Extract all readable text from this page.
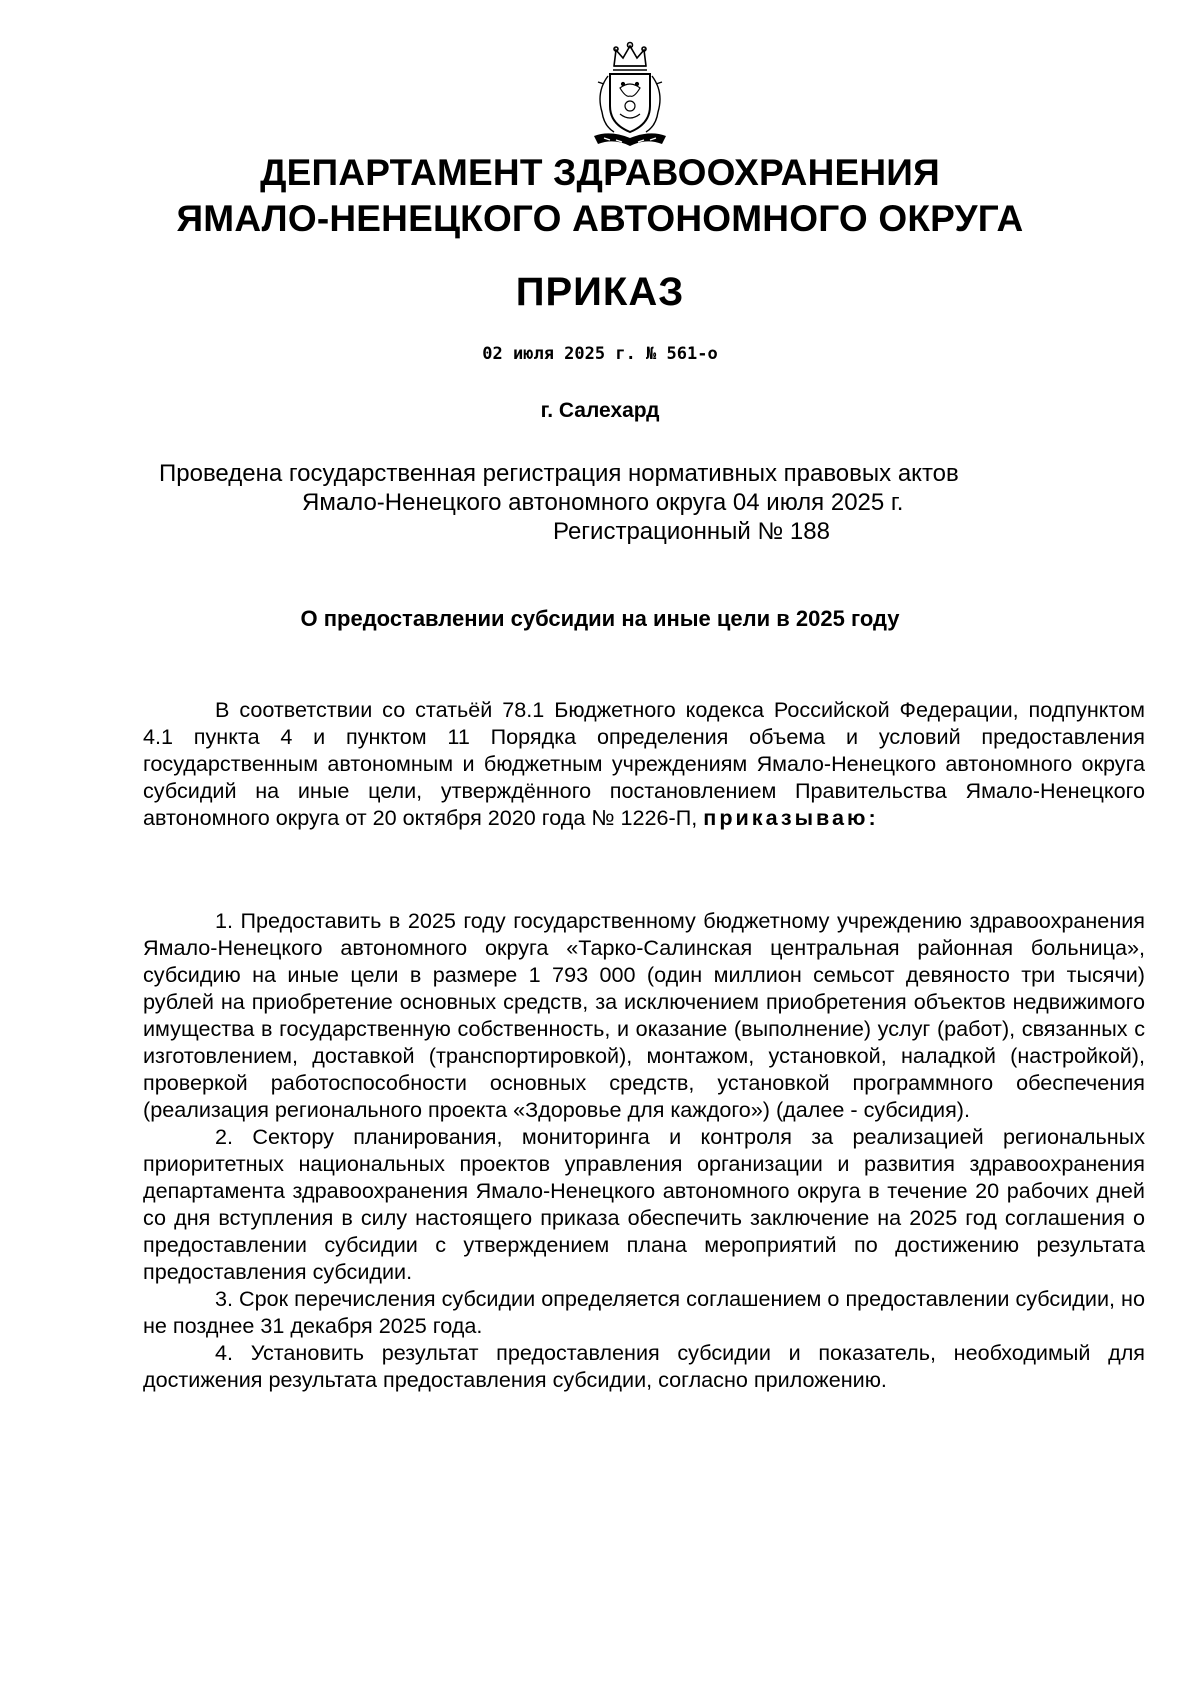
ДЕПАРТАМЕНТ ЗДРАВООХРАНЕНИЯ
ЯМАЛО-НЕНЕЦКОГО АВТОНОМНОГО ОКРУГА
ПРИКАЗ
02 июля 2025 г. № 561-о
г. Салехард
Проведена государственная регистрация нормативных правовых актов
Ямало-Ненецкого автономного округа 04 июля 2025 г.
Регистрационный № 188
О предоставлении субсидии на иные цели в 2025 году

В соответствии со статьёй 78.1 Бюджетного кодекса Российской Федерации, подпунктом 4.1 пункта 4 и пунктом 11 Порядка определения объема и условий предоставления государственным автономным и бюджетным учреждениям Ямало-Ненецкого автономного округа субсидий на иные цели, утверждённого постановлением Правительства Ямало-Ненецкого автономного округа от 20 октября 2020 года № 1226-П, приказываю:

1. Предоставить в 2025 году государственному бюджетному учреждению здравоохранения Ямало-Ненецкого автономного округа «Тарко-Салинская центральная районная больница», субсидию на иные цели в размере 1 793 000 (один миллион семьсот девяносто три тысячи) рублей на приобретение основных средств, за исключением приобретения объектов недвижимого имущества в государственную собственность, и оказание (выполнение) услуг (работ), связанных с изготовлением, доставкой (транспортировкой), монтажом, установкой, наладкой (настройкой), проверкой работоспособности основных средств, установкой программного обеспечения (реализация регионального проекта «Здоровье для каждого») (далее - субсидия).

2. Сектору планирования, мониторинга и контроля за реализацией региональных приоритетных национальных проектов управления организации и развития здравоохранения департамента здравоохранения Ямало-Ненецкого автономного округа в течение 20 рабочих дней со дня вступления в силу настоящего приказа обеспечить заключение на 2025 год соглашения о предоставлении субсидии с утверждением плана мероприятий по достижению результата предоставления субсидии.

3. Срок перечисления субсидии определяется соглашением о предоставлении субсидии, но не позднее 31 декабря 2025 года.

4. Установить результат предоставления субсидии и показатель, необходимый для достижения результата предоставления субсидии, согласно приложению.
